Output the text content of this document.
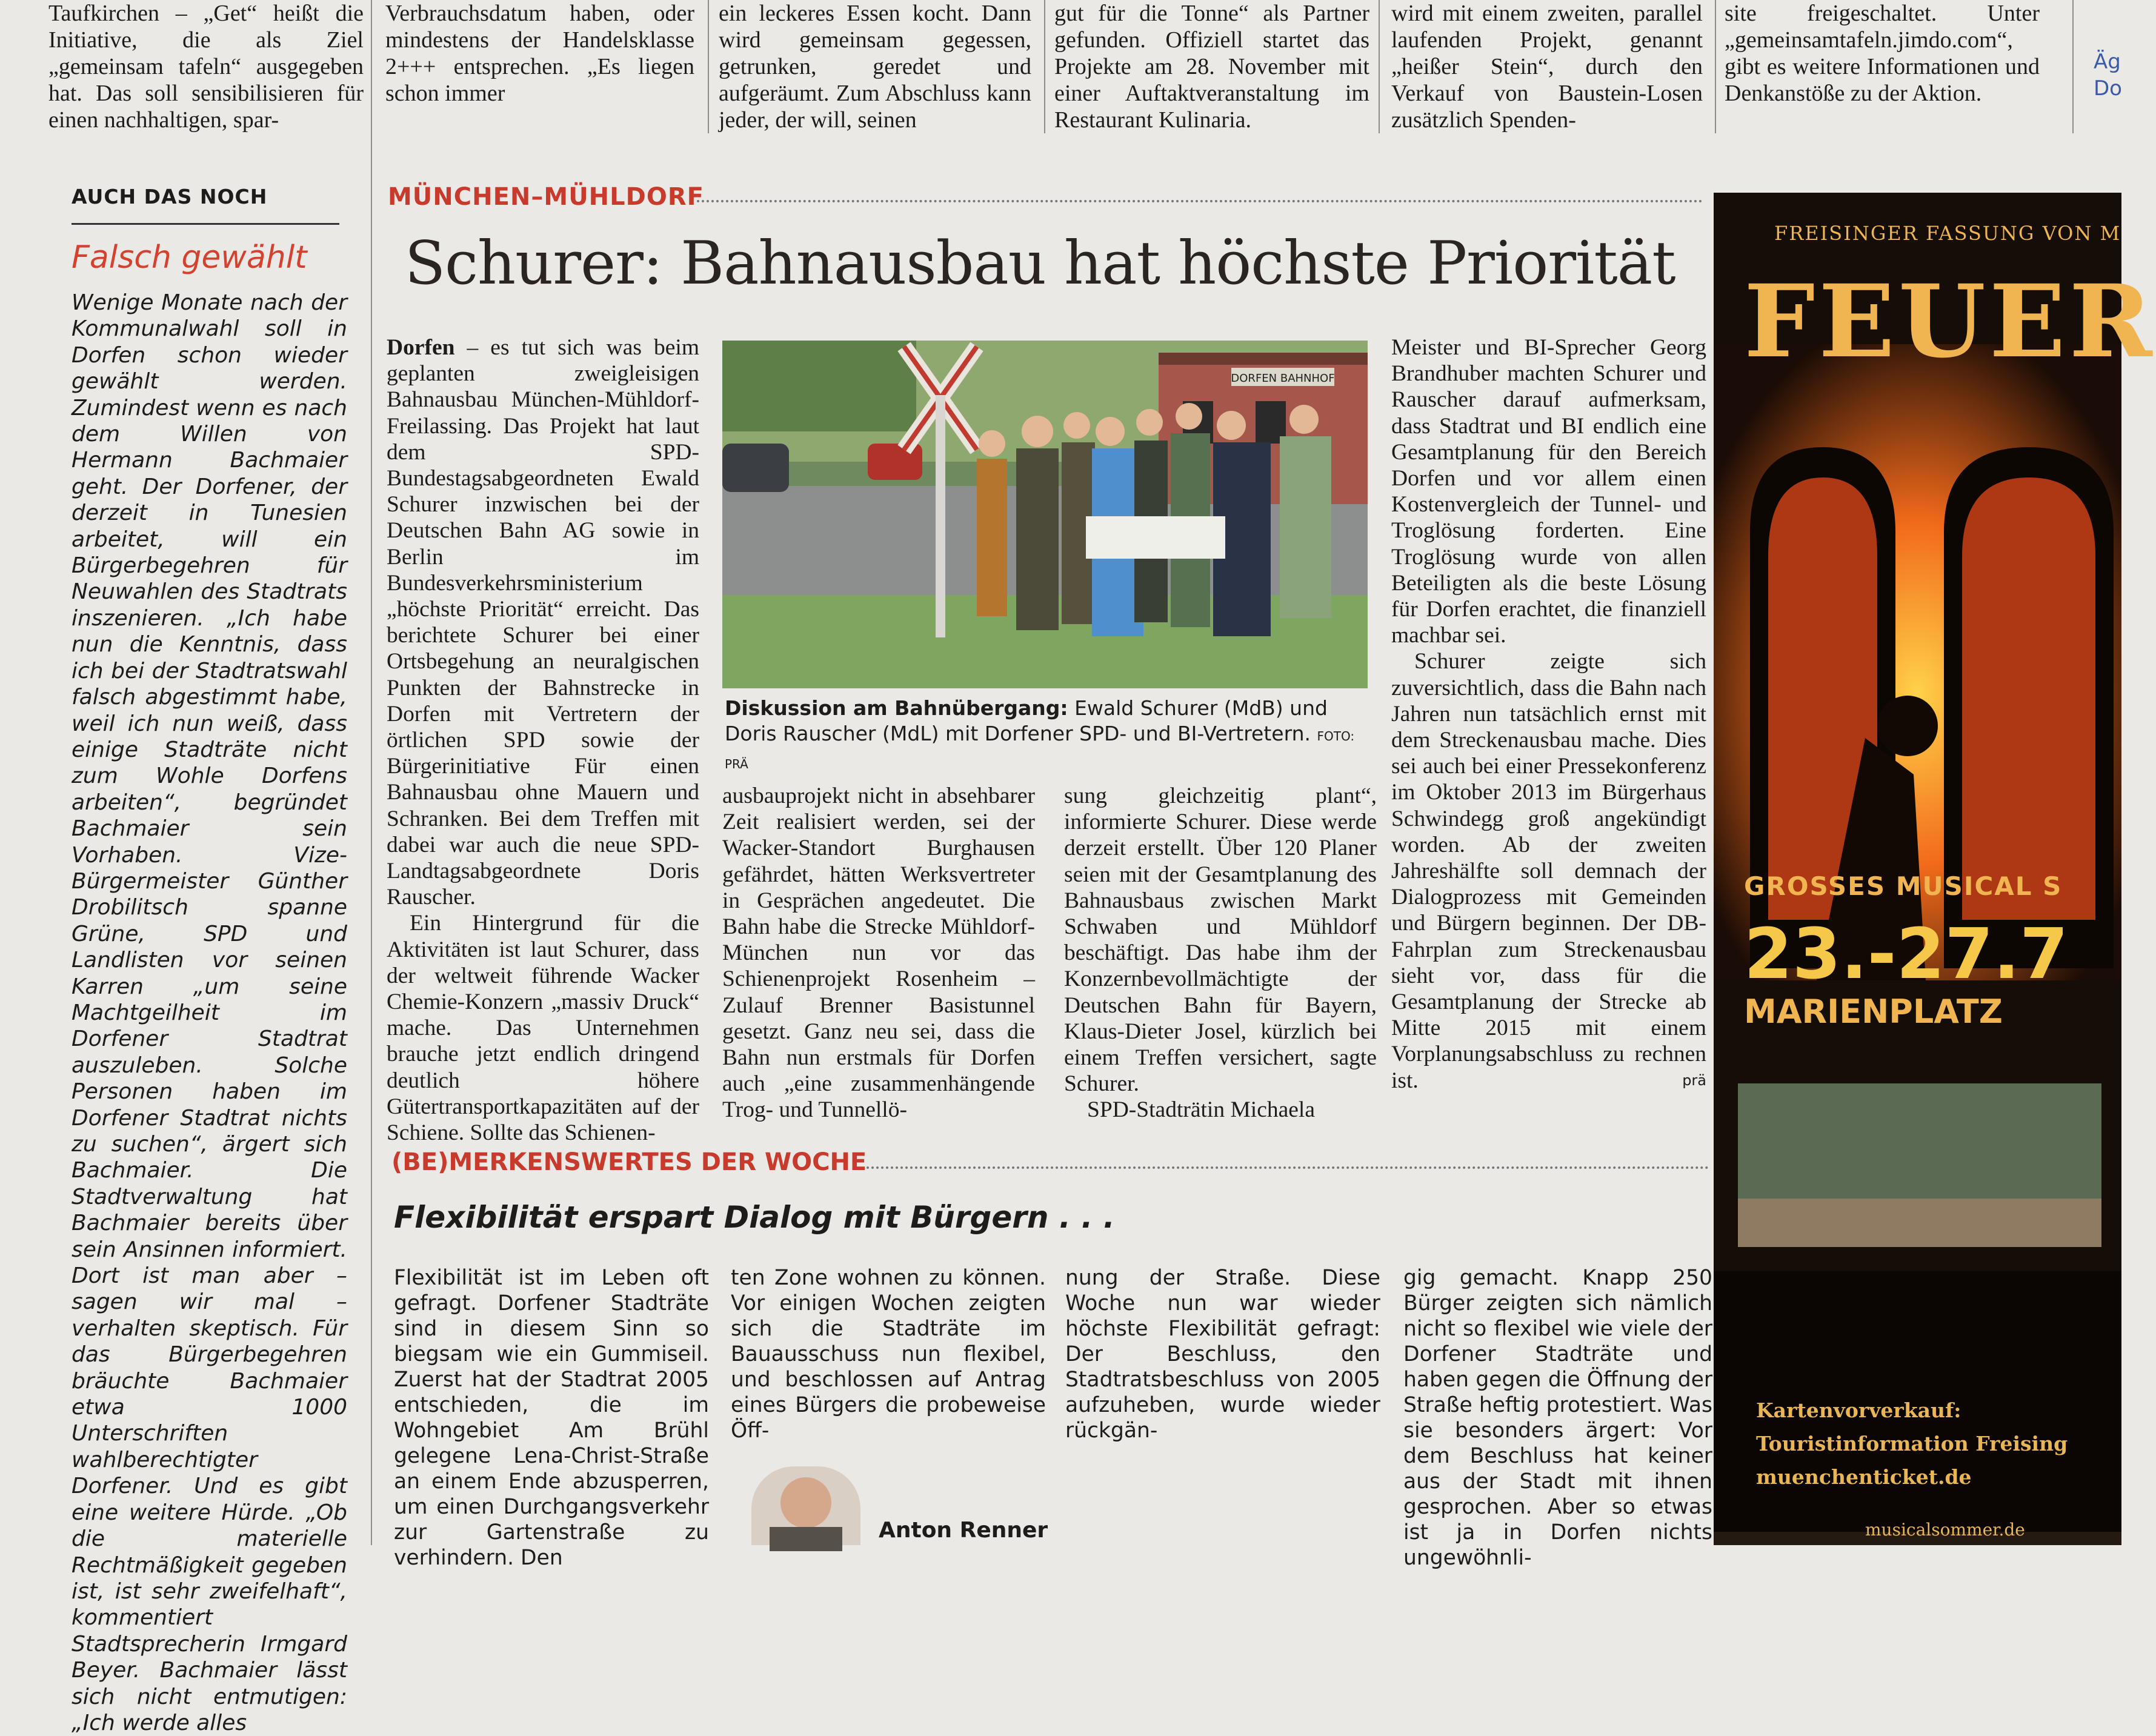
Taufkirchen – „Get“ heißt die Initiative, die als Ziel „gemeinsam tafeln“ ausgegeben hat. Das soll sensibilisieren für einen nachhaltigen, spar-

Verbrauchsdatum haben, oder mindestens der Handelsklasse 2+++ entsprechen. „Es liegen schon immer

ein leckeres Essen kocht. Dann wird gemeinsam gegessen, getrunken, geredet und aufgeräumt. Zum Abschluss kann jeder, der will, seinen

gut für die Tonne“ als Partner gefunden. Offiziell startet das Projekte am 28. November mit einer Auftaktveranstaltung im Restaurant Kulinaria.

wird mit einem zweiten, parallel laufenden Projekt, genannt „heißer Stein“, durch den Verkauf von Baustein-Losen zusätzlich Spenden-

site freigeschaltet. Unter „gemeinsamtafeln.jimdo.com“, gibt es weitere Informationen und Denkanstöße zu der Aktion.

Äg Do

AUCH DAS NOCH
Falsch gewählt

Wenige Monate nach der Kommunalwahl soll in Dorfen schon wieder gewählt werden. Zumindest wenn es nach dem Willen von Hermann Bachmaier geht. Der Dorfener, der derzeit in Tunesien arbeitet, will ein Bürgerbegehren für Neuwahlen des Stadtrats inszenieren. „Ich habe nun die Kenntnis, dass ich bei der Stadtratswahl falsch abgestimmt habe, weil ich nun weiß, dass einige Stadträte nicht zum Wohle Dorfens arbeiten“, begründet Bachmaier sein Vorhaben. Vize-Bürgermeister Günther Drobilitsch spanne Grüne, SPD und Landlisten vor seinen Karren „um seine Machtgeilheit im Dorfener Stadtrat auszuleben. Solche Personen haben im Dorfener Stadtrat nichts zu suchen“, ärgert sich Bachmaier. Die Stadtverwaltung hat Bachmaier bereits über sein Ansinnen informiert. Dort ist man aber – sagen wir mal – verhalten skeptisch. Für das Bürgerbegehren bräuchte Bachmaier etwa 1000 Unterschriften wahlberechtigter Dorfener. Und es gibt eine weitere Hürde. „Ob die materielle Rechtmäßigkeit gegeben ist, ist sehr zweifelhaft“, kommentiert Stadtsprecherin Irmgard Beyer. Bachmaier lässt sich nicht entmutigen: „Ich werde alles

MÜNCHEN–MÜHLDORF
Schurer: Bahnausbau hat höchste Priorität

Dorfen – es tut sich was beim geplanten zweigleisigen Bahnausbau München-Mühldorf-Freilassing. Das Projekt hat laut dem SPD-Bundestagsabgeordneten Ewald Schurer inzwischen bei der Deutschen Bahn AG sowie in Berlin im Bundesverkehrsministerium „höchste Priorität“ erreicht. Das berichtete Schurer bei einer Ortsbegehung an neuralgischen Punkten der Bahnstrecke in Dorfen mit Vertretern der örtlichen SPD sowie der Bürgerinitiative Für einen Bahnausbau ohne Mauern und Schranken. Bei dem Treffen mit dabei war auch die neue SPD-Landtagsabgeordnete Doris Rauscher.

Ein Hintergrund für die Aktivitäten ist laut Schurer, dass der weltweit führende Wacker Chemie-Konzern „massiv Druck“ mache. Das Unternehmen brauche jetzt endlich dringend deutlich höhere Gütertransportkapazitäten auf der Schiene. Sollte das Schienen-

DORFEN BAHNHOF
Diskussion am Bahnübergang: Ewald Schurer (MdB) und Doris Rauscher (MdL) mit Dorfener SPD- und BI-Vertretern. FOTO: PRÄ

ausbauprojekt nicht in absehbarer Zeit realisiert werden, sei der Wacker-Standort Burghausen gefährdet, hätten Werksvertreter in Gesprächen angedeutet. Die Bahn habe die Strecke Mühldorf-München nun vor das Schienenprojekt Rosenheim – Zulauf Brenner Basistunnel gesetzt. Ganz neu sei, dass die Bahn nun erstmals für Dorfen auch „eine zusammenhängende Trog- und Tunnellö-

sung gleichzeitig plant“, informierte Schurer. Diese werde derzeit erstellt. Über 120 Planer seien mit der Gesamtplanung des Bahnausbaus zwischen Markt Schwaben und Mühldorf beschäftigt. Das habe ihm der Konzernbevollmächtigte der Deutschen Bahn für Bayern, Klaus-Dieter Josel, kürzlich bei einem Treffen versichert, sagte Schurer.

SPD-Stadträtin Michaela

Meister und BI-Sprecher Georg Brandhuber machten Schurer und Rauscher darauf aufmerksam, dass Stadtrat und BI endlich eine Gesamtplanung für den Bereich Dorfen und vor allem einen Kostenvergleich der Tunnel- und Troglösung forderten. Eine Troglösung wurde von allen Beteiligten als die beste Lösung für Dorfen erachtet, die finanziell machbar sei.

Schurer zeigte sich zuversichtlich, dass die Bahn nach Jahren nun tatsächlich ernst mit dem Streckenausbau mache. Dies sei auch bei einer Pressekonferenz im Oktober 2013 im Bürgerhaus Schwindegg groß angekündigt worden. Ab der zweiten Jahreshälfte soll demnach der Dialogprozess mit Gemeinden und Bürgern beginnen. Der DB-Fahrplan zum Streckenausbau sieht vor, dass für die Gesamtplanung der Strecke ab Mitte 2015 mit einem Vorplanungsabschluss zu rechnen ist.	prä

(BE)MERKENSWERTES DER WOCHE
Flexibilität erspart Dialog mit Bürgern . . .

Flexibilität ist im Leben oft gefragt. Dorfener Stadträte sind in diesem Sinn so biegsam wie ein Gummiseil. Zuerst hat der Stadtrat 2005 entschieden, die im Wohngebiet Am Brühl gelegene Lena-Christ-Straße an einem Ende abzusperren, um einen Durchgangsverkehr zur Gartenstraße zu verhindern. Den

ten Zone wohnen zu können. Vor einigen Wochen zeigten sich die Stadträte im Bauausschuss nun flexibel, und beschlossen auf Antrag eines Bürgers die probeweise Öff-

nung der Straße. Diese Woche nun war wieder höchste Flexibilität gefragt: Der Beschluss, den Stadtratsbeschluss von 2005 aufzuheben, wurde wieder rückgän-

gig gemacht. Knapp 250 Bürger zeigten sich nämlich nicht so flexibel wie viele der Dorfener Stadträte und haben gegen die Öffnung der Straße heftig protestiert. Was sie besonders ärgert: Vor dem Beschluss hat keiner aus der Stadt mit ihnen gesprochen. Aber so etwas ist ja in Dorfen nichts ungewöhnli-

Anton Renner
FREISINGER FASSUNG VON M
FEUER
GROSSES MUSICAL S
23.-27.7
MARIENPLATZ
Kartenvorverkauf:
Touristinformation Freising
muenchenticket.de
musicalsommer.de
